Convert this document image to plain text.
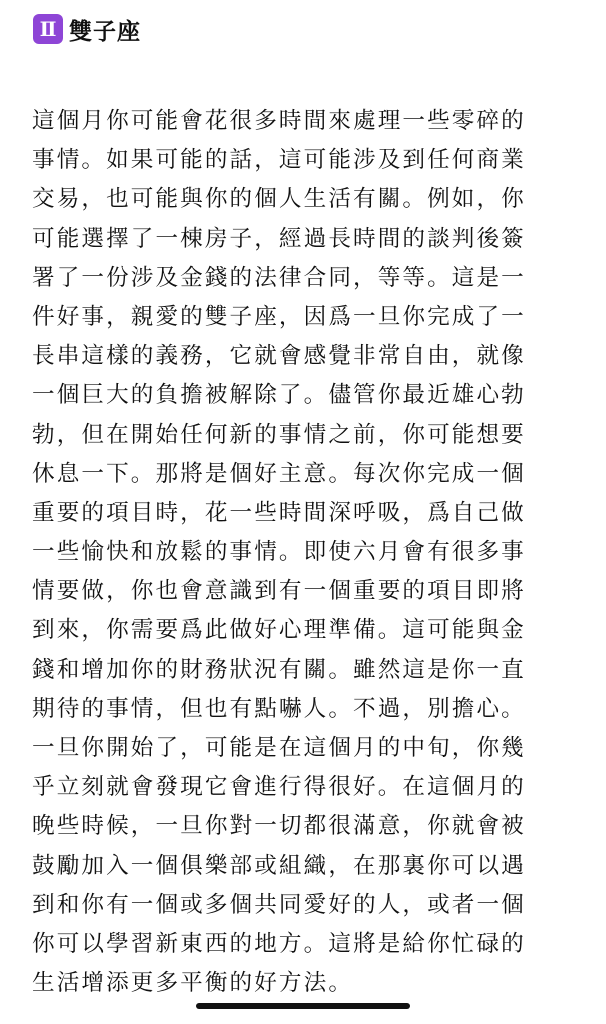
Ⅱ 雙子座
這個月你可能會花很多時間來處理一些零碎的
事情。如果可能的話，這可能涉及到任何商業
交易，也可能與你的個人生活有關。例如，你
可能選擇了一棟房子，經過長時間的談判後簽
署了一份涉及金錢的法律合同，等等。這是一
件好事，親愛的雙子座，因爲一旦你完成了一
長串這樣的義務，它就會感覺非常自由，就像
一個巨大的負擔被解除了。儘管你最近雄心勃
勃，但在開始任何新的事情之前，你可能想要
休息一下。那將是個好主意。每次你完成一個
重要的項目時，花一些時間深呼吸，爲自己做
一些愉快和放鬆的事情。即使六月會有很多事
情要做，你也會意識到有一個重要的項目即將
到來，你需要爲此做好心理準備。這可能與金
錢和增加你的財務狀況有關。雖然這是你一直
期待的事情，但也有點嚇人。不過，別擔心。
一旦你開始了，可能是在這個月的中旬，你幾
乎立刻就會發現它會進行得很好。在這個月的
晚些時候，一旦你對一切都很滿意，你就會被
鼓勵加入一個俱樂部或組織，在那裏你可以遇
到和你有一個或多個共同愛好的人，或者一個
你可以學習新東西的地方。這將是給你忙碌的
生活增添更多平衡的好方法。
